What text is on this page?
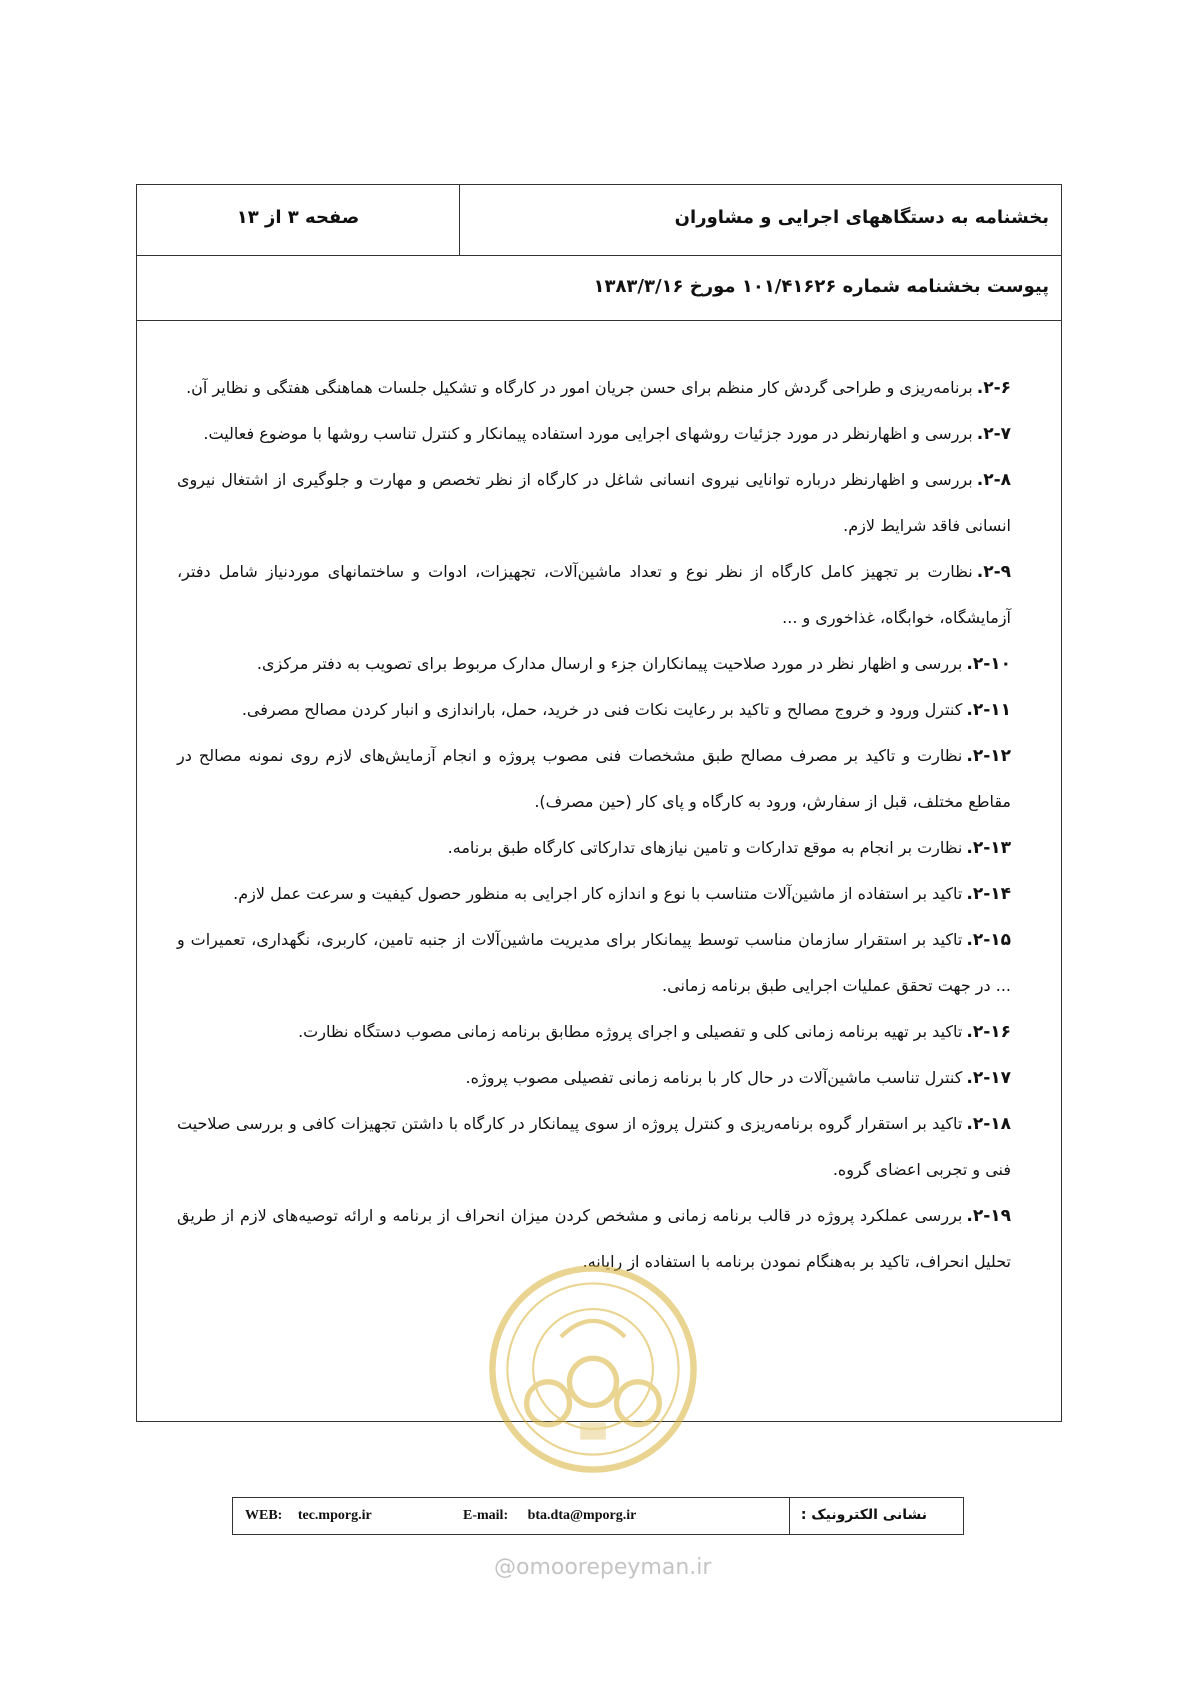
بخشنامه به دستگاههای اجرایی و مشاوران
صفحه ۳ از ۱۳
پیوست بخشنامه شماره ۱۰۱/۴۱۶۲۶ مورخ ۱۳۸۳/۳/۱۶

۲-۶.برنامه‌ریزی و طراحی گردش کار منظم برای حسن جریان امور در کارگاه و تشکیل جلسات هماهنگی هفتگی و نظایر آن.

۲-۷.بررسی و اظهارنظر در مورد جزئیات روشهای اجرایی مورد استفاده پیمانکار و کنترل تناسب روشها با موضوع فعالیت.

۲-۸.بررسی و اظهارنظر درباره توانایی نیروی انسانی شاغل در کارگاه از نظر تخصص و مهارت و جلوگیری از اشتغال نیروی انسانی فاقد شرایط لازم.

۲-۹.نظارت بر تجهیز کامل کارگاه از نظر نوع و تعداد ماشین‌آلات، تجهیزات، ادوات و ساختمانهای موردنیاز شامل دفتر، آزمایشگاه، خوابگاه، غذاخوری و ...

۲-۱۰.بررسی و اظهار نظر در مورد صلاحیت پیمانکاران جزء و ارسال مدارک مربوط برای تصویب به دفتر مرکزی.

۲-۱۱.کنترل ورود و خروج مصالح و تاکید بر رعایت نکات فنی در خرید، حمل، باراندازی و انبار کردن مصالح مصرفی.

۲-۱۲.نظارت و تاکید بر مصرف مصالح طبق مشخصات فنی مصوب پروژه و انجام آزمایش‌های لازم روی نمونه مصالح در مقاطع مختلف، قبل از سفارش، ورود به کارگاه و پای کار (حین مصرف).

۲-۱۳.نظارت بر انجام به موقع تدارکات و تامین نیازهای تداركاتی کارگاه طبق برنامه.

۲-۱۴.تاکید بر استفاده از ماشین‌آلات متناسب با نوع و اندازه کار اجرایی به منظور حصول کیفیت و سرعت عمل لازم.

۲-۱۵.تاکید بر استقرار سازمان مناسب توسط پیمانکار برای مدیریت ماشین‌آلات از جنبه تامین، کاربری، نگهداری، تعمیرات و ... در جهت تحقق عملیات اجرایی طبق برنامه زمانی.

۲-۱۶.تاکید بر تهیه برنامه زمانی کلی و تفصیلی و اجرای پروژه مطابق برنامه زمانی مصوب دستگاه نظارت.

۲-۱۷.کنترل تناسب ماشین‌آلات در حال کار با برنامه زمانی تفصیلی مصوب پروژه.

۲-۱۸.تاکید بر استقرار گروه برنامه‌ریزی و کنترل پروژه از سوی پیمانکار در کارگاه با داشتن تجهیزات کافی و بررسی صلاحیت فنی و تجربی اعضای گروه.

۲-۱۹.بررسی عملکرد پروژه در قالب برنامه زمانی و مشخص کردن میزان انحراف از برنامه و ارائه توصیه‌های لازم از طریق تحلیل انحراف، تاکید بر به‌هنگام نمودن برنامه با استفاده از رایانه.

نشانی الکترونیک :
WEB: tec.mporg.ir	E-mail: bta.dta@mporg.ir
@omoorepeyman.ir
